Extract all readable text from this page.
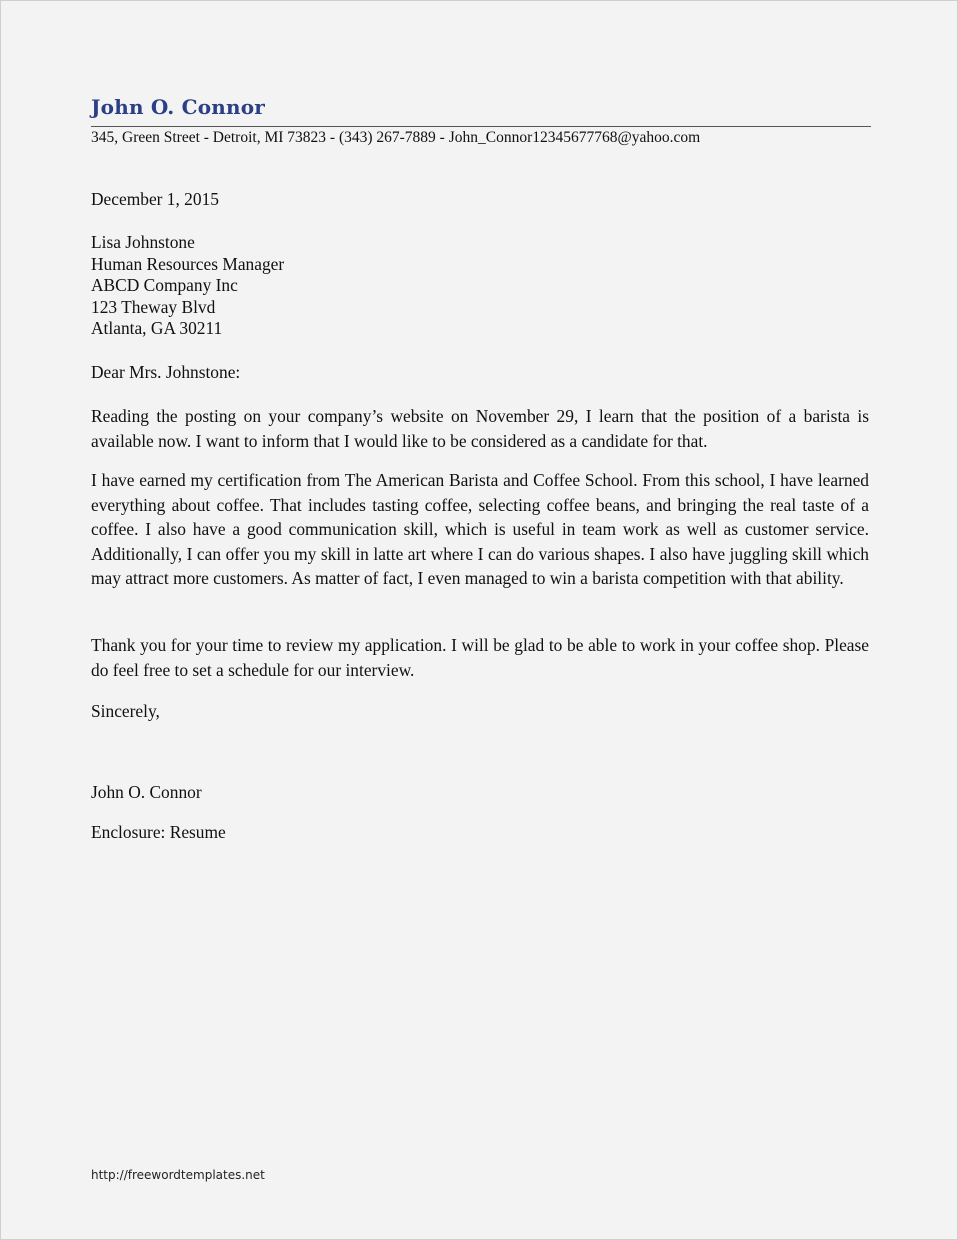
John O. Connor
345, Green Street - Detroit, MI 73823 - (343) 267-7889 - John_Connor12345677768@yahoo.com

December 1, 2015

Lisa Johnstone
Human Resources Manager
ABCD Company Inc
123 Theway Blvd
Atlanta, GA 30211

Dear Mrs. Johnstone:

Reading the posting on your company’s website on November 29, I learn that the position of a barista is available now. I want to inform that I would like to be considered as a candidate for that.

I have earned my certification from The American Barista and Coffee School. From this school, I have learned everything about coffee. That includes tasting coffee, selecting coffee beans, and bringing the real taste of a coffee. I also have a good communication skill, which is useful in team work as well as customer service. Additionally, I can offer you my skill in latte art where I can do various shapes. I also have juggling skill which may attract more customers. As matter of fact, I even managed to win a barista competition with that ability.

Thank you for your time to review my application. I will be glad to be able to work in your coffee shop. Please do feel free to set a schedule for our interview.

Sincerely,

John O. Connor

Enclosure: Resume

http://freewordtemplates.net
